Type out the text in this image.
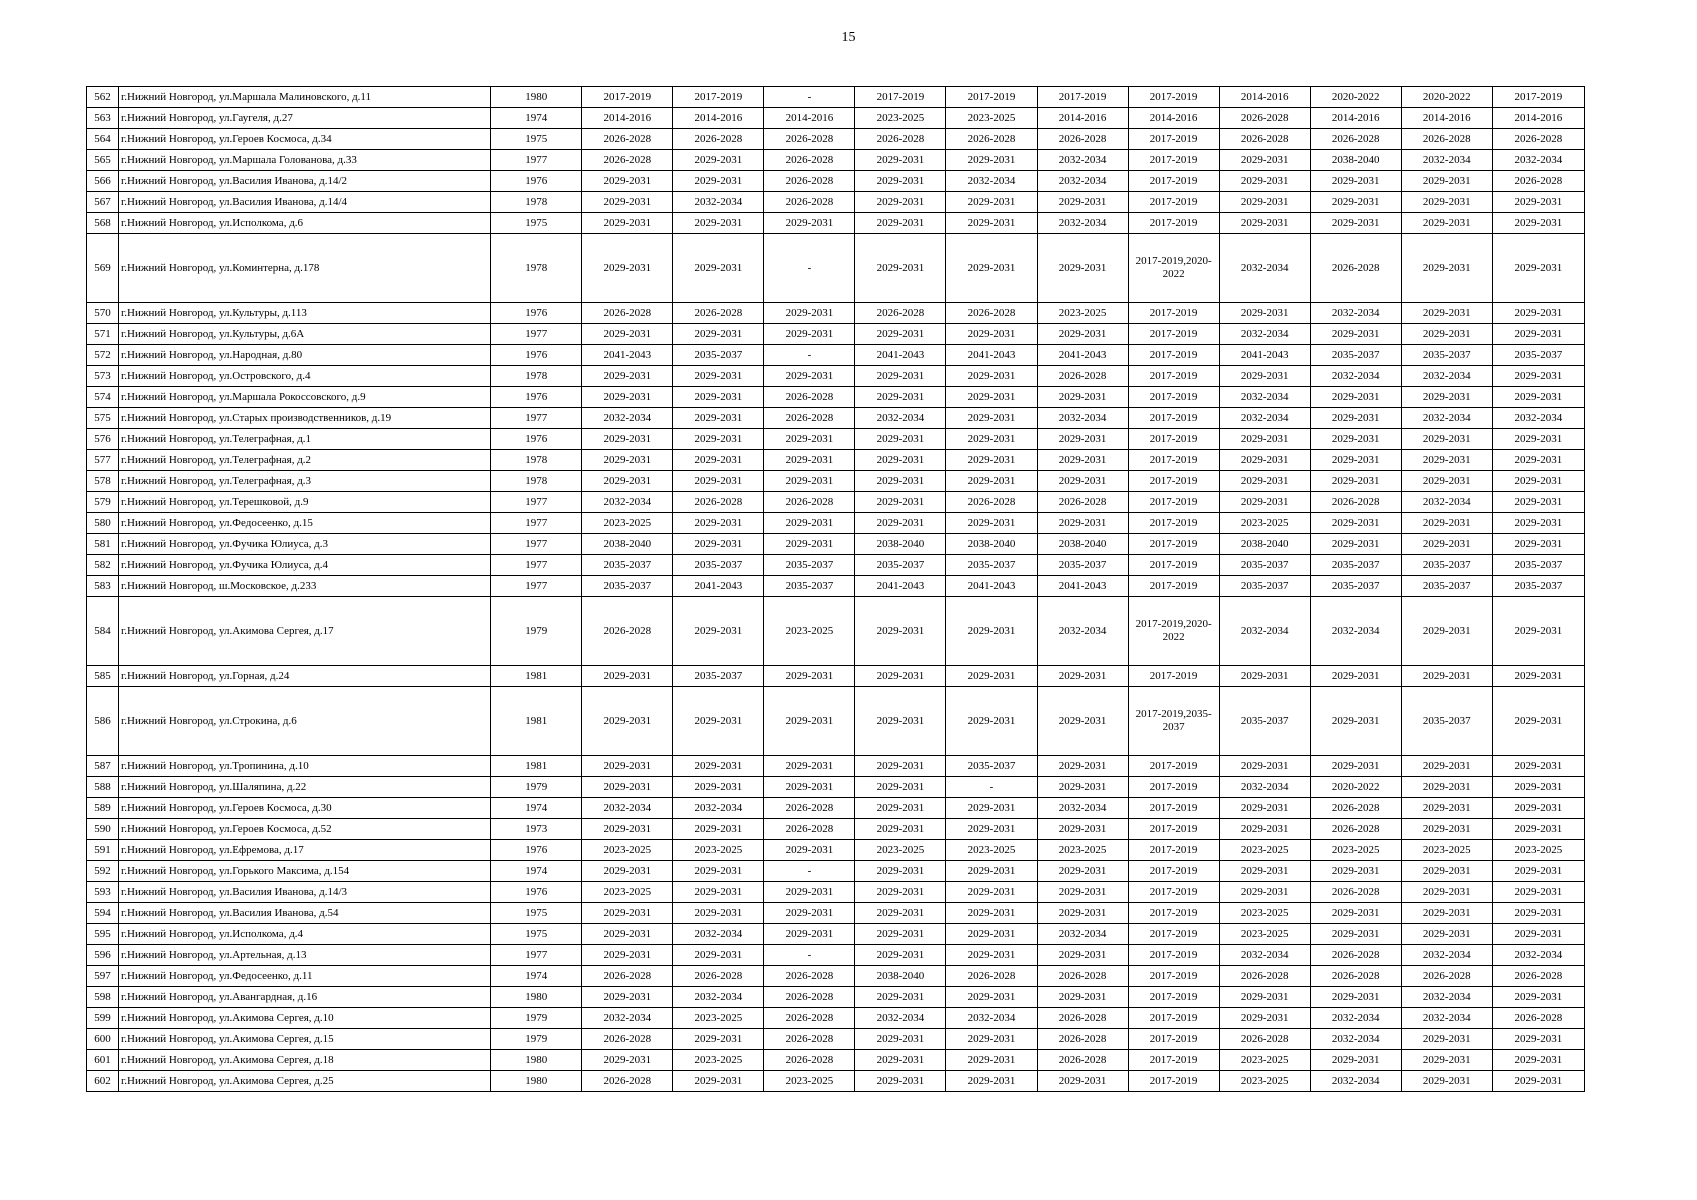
15
562	г.Нижний Новгород, ул.Маршала Малиновского, д.11	1980	2017-2019	2017-2019	-	2017-2019	2017-2019	2017-2019	2017-2019	2014-2016	2020-2022	2020-2022	2017-2019
563	г.Нижний Новгород, ул.Гаугеля, д.27	1974	2014-2016	2014-2016	2014-2016	2023-2025	2023-2025	2014-2016	2014-2016	2026-2028	2014-2016	2014-2016	2014-2016
564	г.Нижний Новгород, ул.Героев Космоса, д.34	1975	2026-2028	2026-2028	2026-2028	2026-2028	2026-2028	2026-2028	2017-2019	2026-2028	2026-2028	2026-2028	2026-2028
565	г.Нижний Новгород, ул.Маршала Голованова, д.33	1977	2026-2028	2029-2031	2026-2028	2029-2031	2029-2031	2032-2034	2017-2019	2029-2031	2038-2040	2032-2034	2032-2034
566	г.Нижний Новгород, ул.Василия Иванова, д.14/2	1976	2029-2031	2029-2031	2026-2028	2029-2031	2032-2034	2032-2034	2017-2019	2029-2031	2029-2031	2029-2031	2026-2028
567	г.Нижний Новгород, ул.Василия Иванова, д.14/4	1978	2029-2031	2032-2034	2026-2028	2029-2031	2029-2031	2029-2031	2017-2019	2029-2031	2029-2031	2029-2031	2029-2031
568	г.Нижний Новгород, ул.Исполкома, д.6	1975	2029-2031	2029-2031	2029-2031	2029-2031	2029-2031	2032-2034	2017-2019	2029-2031	2029-2031	2029-2031	2029-2031
569	г.Нижний Новгород, ул.Коминтерна, д.178	1978	2029-2031	2029-2031	-	2029-2031	2029-2031	2029-2031	2017-2019,2020-2022	2032-2034	2026-2028	2029-2031	2029-2031
570	г.Нижний Новгород, ул.Культуры, д.113	1976	2026-2028	2026-2028	2029-2031	2026-2028	2026-2028	2023-2025	2017-2019	2029-2031	2032-2034	2029-2031	2029-2031
571	г.Нижний Новгород, ул.Культуры, д.6А	1977	2029-2031	2029-2031	2029-2031	2029-2031	2029-2031	2029-2031	2017-2019	2032-2034	2029-2031	2029-2031	2029-2031
572	г.Нижний Новгород, ул.Народная, д.80	1976	2041-2043	2035-2037	-	2041-2043	2041-2043	2041-2043	2017-2019	2041-2043	2035-2037	2035-2037	2035-2037
573	г.Нижний Новгород, ул.Островского, д.4	1978	2029-2031	2029-2031	2029-2031	2029-2031	2029-2031	2026-2028	2017-2019	2029-2031	2032-2034	2032-2034	2029-2031
574	г.Нижний Новгород, ул.Маршала Рокоссовского, д.9	1976	2029-2031	2029-2031	2026-2028	2029-2031	2029-2031	2029-2031	2017-2019	2032-2034	2029-2031	2029-2031	2029-2031
575	г.Нижний Новгород, ул.Старых производственников, д.19	1977	2032-2034	2029-2031	2026-2028	2032-2034	2029-2031	2032-2034	2017-2019	2032-2034	2029-2031	2032-2034	2032-2034
576	г.Нижний Новгород, ул.Телеграфная, д.1	1976	2029-2031	2029-2031	2029-2031	2029-2031	2029-2031	2029-2031	2017-2019	2029-2031	2029-2031	2029-2031	2029-2031
577	г.Нижний Новгород, ул.Телеграфная, д.2	1978	2029-2031	2029-2031	2029-2031	2029-2031	2029-2031	2029-2031	2017-2019	2029-2031	2029-2031	2029-2031	2029-2031
578	г.Нижний Новгород, ул.Телеграфная, д.3	1978	2029-2031	2029-2031	2029-2031	2029-2031	2029-2031	2029-2031	2017-2019	2029-2031	2029-2031	2029-2031	2029-2031
579	г.Нижний Новгород, ул.Терешковой, д.9	1977	2032-2034	2026-2028	2026-2028	2029-2031	2026-2028	2026-2028	2017-2019	2029-2031	2026-2028	2032-2034	2029-2031
580	г.Нижний Новгород, ул.Федосеенко, д.15	1977	2023-2025	2029-2031	2029-2031	2029-2031	2029-2031	2029-2031	2017-2019	2023-2025	2029-2031	2029-2031	2029-2031
581	г.Нижний Новгород, ул.Фучика Юлиуса, д.3	1977	2038-2040	2029-2031	2029-2031	2038-2040	2038-2040	2038-2040	2017-2019	2038-2040	2029-2031	2029-2031	2029-2031
582	г.Нижний Новгород, ул.Фучика Юлиуса, д.4	1977	2035-2037	2035-2037	2035-2037	2035-2037	2035-2037	2035-2037	2017-2019	2035-2037	2035-2037	2035-2037	2035-2037
583	г.Нижний Новгород, ш.Московское, д.233	1977	2035-2037	2041-2043	2035-2037	2041-2043	2041-2043	2041-2043	2017-2019	2035-2037	2035-2037	2035-2037	2035-2037
584	г.Нижний Новгород, ул.Акимова Сергея, д.17	1979	2026-2028	2029-2031	2023-2025	2029-2031	2029-2031	2032-2034	2017-2019,2020-2022	2032-2034	2032-2034	2029-2031	2029-2031
585	г.Нижний Новгород, ул.Горная, д.24	1981	2029-2031	2035-2037	2029-2031	2029-2031	2029-2031	2029-2031	2017-2019	2029-2031	2029-2031	2029-2031	2029-2031
586	г.Нижний Новгород, ул.Строкина, д.6	1981	2029-2031	2029-2031	2029-2031	2029-2031	2029-2031	2029-2031	2017-2019,2035-2037	2035-2037	2029-2031	2035-2037	2029-2031
587	г.Нижний Новгород, ул.Тропинина, д.10	1981	2029-2031	2029-2031	2029-2031	2029-2031	2035-2037	2029-2031	2017-2019	2029-2031	2029-2031	2029-2031	2029-2031
588	г.Нижний Новгород, ул.Шаляпина, д.22	1979	2029-2031	2029-2031	2029-2031	2029-2031	-	2029-2031	2017-2019	2032-2034	2020-2022	2029-2031	2029-2031
589	г.Нижний Новгород, ул.Героев Космоса, д.30	1974	2032-2034	2032-2034	2026-2028	2029-2031	2029-2031	2032-2034	2017-2019	2029-2031	2026-2028	2029-2031	2029-2031
590	г.Нижний Новгород, ул.Героев Космоса, д.52	1973	2029-2031	2029-2031	2026-2028	2029-2031	2029-2031	2029-2031	2017-2019	2029-2031	2026-2028	2029-2031	2029-2031
591	г.Нижний Новгород, ул.Ефремова, д.17	1976	2023-2025	2023-2025	2029-2031	2023-2025	2023-2025	2023-2025	2017-2019	2023-2025	2023-2025	2023-2025	2023-2025
592	г.Нижний Новгород, ул.Горького Максима, д.154	1974	2029-2031	2029-2031	-	2029-2031	2029-2031	2029-2031	2017-2019	2029-2031	2029-2031	2029-2031	2029-2031
593	г.Нижний Новгород, ул.Василия Иванова, д.14/3	1976	2023-2025	2029-2031	2029-2031	2029-2031	2029-2031	2029-2031	2017-2019	2029-2031	2026-2028	2029-2031	2029-2031
594	г.Нижний Новгород, ул.Василия Иванова, д.54	1975	2029-2031	2029-2031	2029-2031	2029-2031	2029-2031	2029-2031	2017-2019	2023-2025	2029-2031	2029-2031	2029-2031
595	г.Нижний Новгород, ул.Исполкома, д.4	1975	2029-2031	2032-2034	2029-2031	2029-2031	2029-2031	2032-2034	2017-2019	2023-2025	2029-2031	2029-2031	2029-2031
596	г.Нижний Новгород, ул.Артельная, д.13	1977	2029-2031	2029-2031	-	2029-2031	2029-2031	2029-2031	2017-2019	2032-2034	2026-2028	2032-2034	2032-2034
597	г.Нижний Новгород, ул.Федосеенко, д.11	1974	2026-2028	2026-2028	2026-2028	2038-2040	2026-2028	2026-2028	2017-2019	2026-2028	2026-2028	2026-2028	2026-2028
598	г.Нижний Новгород, ул.Авангардная, д.16	1980	2029-2031	2032-2034	2026-2028	2029-2031	2029-2031	2029-2031	2017-2019	2029-2031	2029-2031	2032-2034	2029-2031
599	г.Нижний Новгород, ул.Акимова Сергея, д.10	1979	2032-2034	2023-2025	2026-2028	2032-2034	2032-2034	2026-2028	2017-2019	2029-2031	2032-2034	2032-2034	2026-2028
600	г.Нижний Новгород, ул.Акимова Сергея, д.15	1979	2026-2028	2029-2031	2026-2028	2029-2031	2029-2031	2026-2028	2017-2019	2026-2028	2032-2034	2029-2031	2029-2031
601	г.Нижний Новгород, ул.Акимова Сергея, д.18	1980	2029-2031	2023-2025	2026-2028	2029-2031	2029-2031	2026-2028	2017-2019	2023-2025	2029-2031	2029-2031	2029-2031
602	г.Нижний Новгород, ул.Акимова Сергея, д.25	1980	2026-2028	2029-2031	2023-2025	2029-2031	2029-2031	2029-2031	2017-2019	2023-2025	2032-2034	2029-2031	2029-2031
